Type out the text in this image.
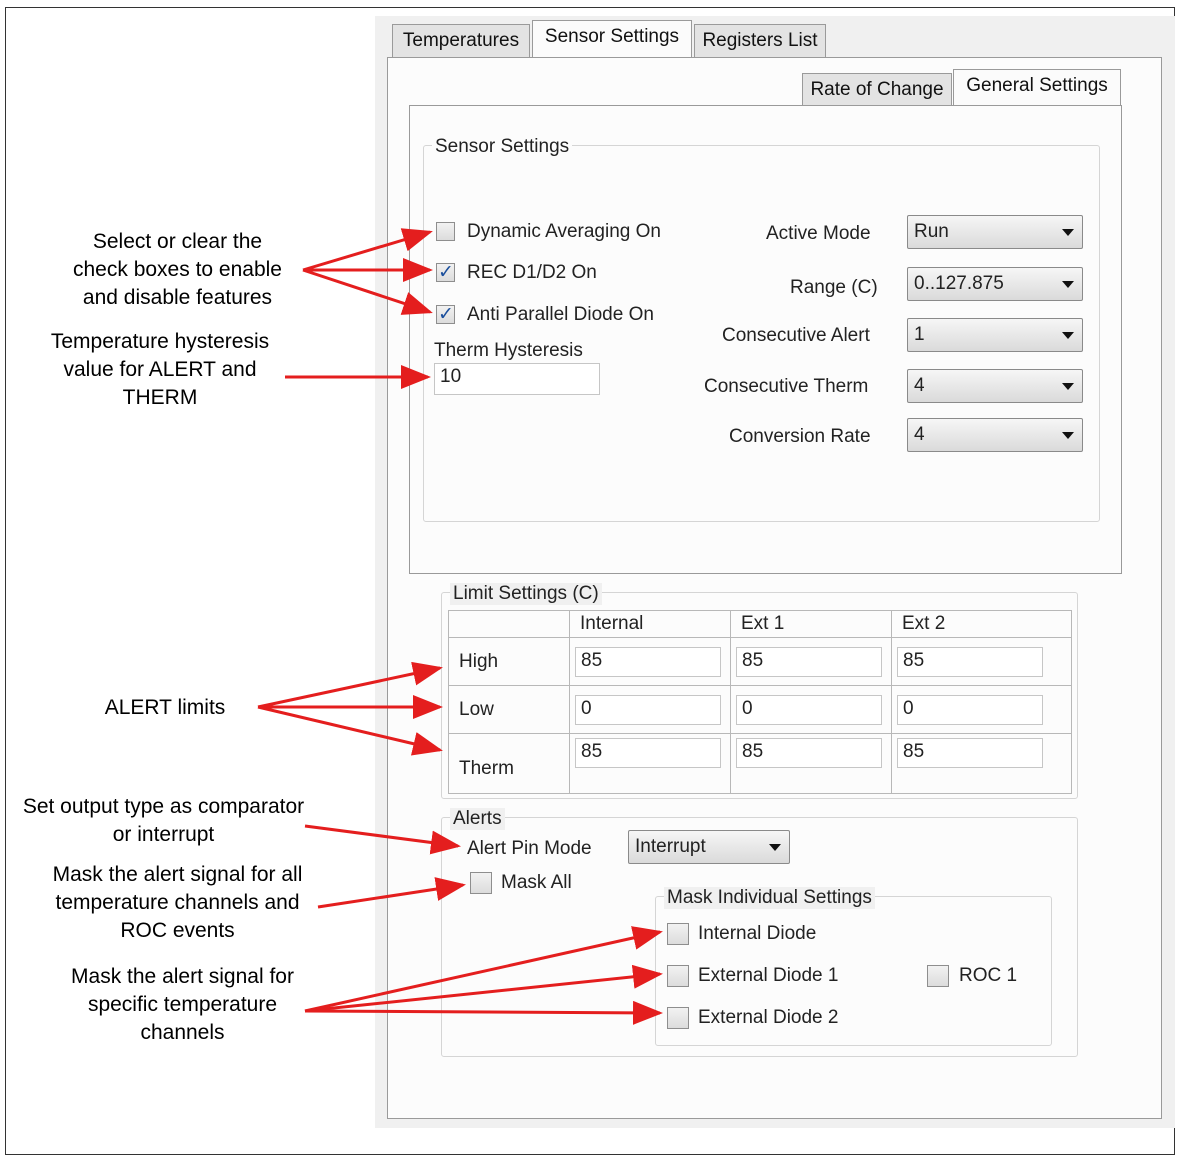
Temperatures	Sensor Settings	Registers List
Rate of Change	General Settings
Sensor Settings
Dynamic Averaging On
✓
REC D1/D2 On
✓
Anti Parallel Diode On
Therm Hysteresis
10
Active Mode	Run
Range (C)	0..127.875
Consecutive Alert	1
Consecutive Therm	4
Conversion Rate	4
Limit Settings (C)
	Internal	Ext 1	Ext 2
High	85	85	85

Low	0	0	0

Therm	85	85	85
Alerts
Alert Pin Mode	Interrupt
Mask All
Mask Individual Settings
Internal Diode
External Diode 1
External Diode 2
ROC 1
Select or clear the
check boxes to enable
and disable features
Temperature hysteresis
value for ALERT and
THERM
ALERT limits
Set output type as comparator
or interrupt
Mask the alert signal for all
temperature channels and
ROC events
Mask the alert signal for
specific temperature
channels
